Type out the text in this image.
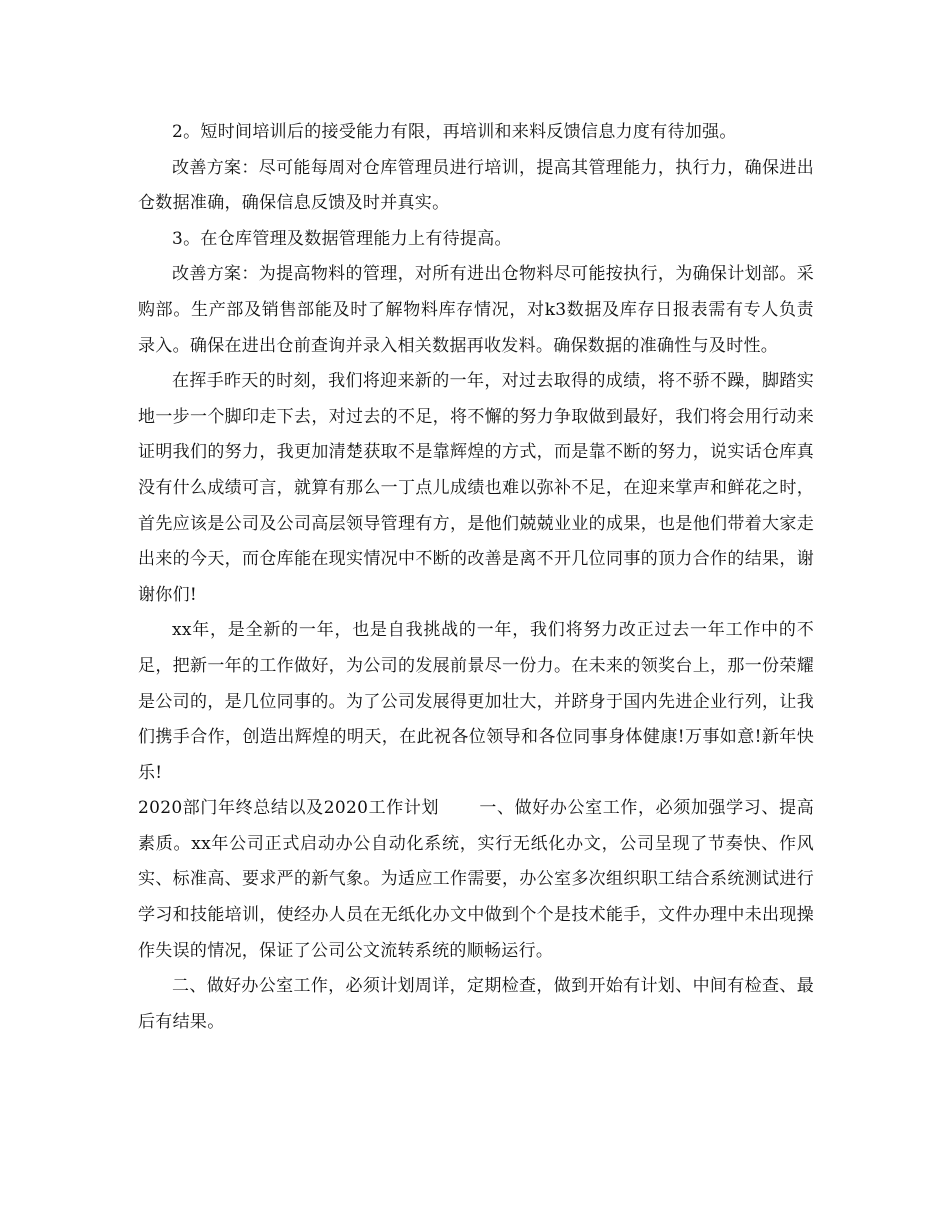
2。短时间培训后的接受能力有限，再培训和来料反馈信息力度有待加强。

改善方案：尽可能每周对仓库管理员进行培训，提高其管理能力，执行力，确保进出仓数据准确，确保信息反馈及时并真实。

3。在仓库管理及数据管理能力上有待提高。

改善方案：为提高物料的管理，对所有进出仓物料尽可能按执行，为确保计划部。采购部。生产部及销售部能及时了解物料库存情况，对k3数据及库存日报表需有专人负责录入。确保在进出仓前查询并录入相关数据再收发料。确保数据的准确性与及时性。

在挥手昨天的时刻，我们将迎来新的一年，对过去取得的成绩，将不骄不躁，脚踏实地一步一个脚印走下去，对过去的不足，将不懈的努力争取做到最好，我们将会用行动来证明我们的努力，我更加清楚获取不是靠辉煌的方式，而是靠不断的努力，说实话仓库真没有什么成绩可言，就算有那么一丁点儿成绩也难以弥补不足，在迎来掌声和鲜花之时，首先应该是公司及公司高层领导管理有方，是他们兢兢业业的成果，也是他们带着大家走出来的今天，而仓库能在现实情况中不断的改善是离不开几位同事的顶力合作的结果，谢谢你们!

xx年，是全新的一年，也是自我挑战的一年，我们将努力改正过去一年工作中的不足，把新一年的工作做好，为公司的发展前景尽一份力。在未来的领奖台上，那一份荣耀是公司的，是几位同事的。为了公司发展得更加壮大，并跻身于国内先进企业行列，让我们携手合作，创造出辉煌的明天，在此祝各位领导和各位同事身体健康!万事如意!新年快乐!

2020部门年终总结以及2020工作计划 一、做好办公室工作，必须加强学习、提高素质。xx年公司正式启动办公自动化系统，实行无纸化办文，公司呈现了节奏快、作风实、标准高、要求严的新气象。为适应工作需要，办公室多次组织职工结合系统测试进行学习和技能培训，使经办人员在无纸化办文中做到个个是技术能手，文件办理中未出现操作失误的情况，保证了公司公文流转系统的顺畅运行。

二、做好办公室工作，必须计划周详，定期检查，做到开始有计划、中间有检查、最后有结果。
